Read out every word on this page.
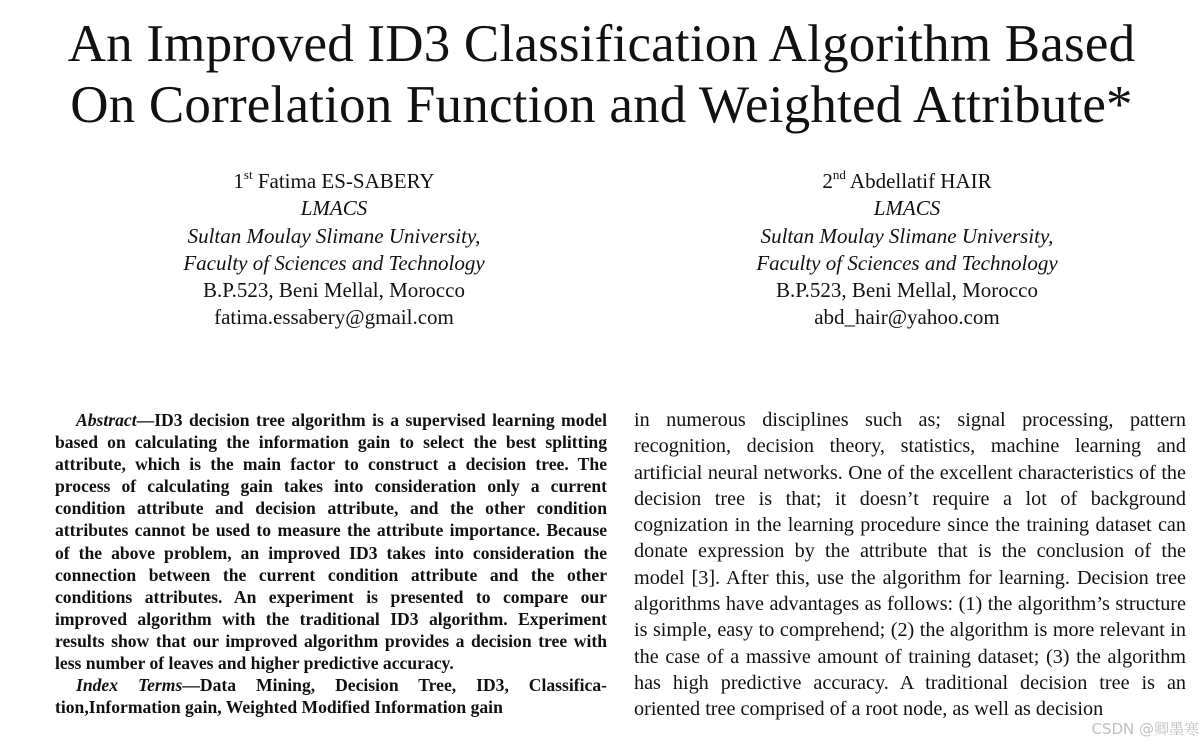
An Improved ID3 Classification Algorithm Based
On Correlation Function and Weighted Attribute*
1st Fatima ES-SABERY
LMACS
Sultan Moulay Slimane University,
Faculty of Sciences and Technology
B.P.523, Beni Mellal, Morocco
fatima.essabery@gmail.com
2nd Abdellatif HAIR
LMACS
Sultan Moulay Slimane University,
Faculty of Sciences and Technology
B.P.523, Beni Mellal, Morocco
abd_hair@yahoo.com

Abstract—ID3 decision tree algorithm is a supervised learning model based on calculating the information gain to select the best splitting attribute, which is the main factor to construct a decision tree. The process of calculating gain takes into consideration only a current condition attribute and decision attribute, and the other condition attributes cannot be used to measure the attribute importance. Because of the above problem, an improved ID3 takes into consideration the connection between the current condition attribute and the other conditions attributes. An experiment is presented to compare our improved algorithm with the traditional ID3 algorithm. Experiment results show that our improved algorithm provides a decision tree with less number of leaves and higher predictive accuracy.

Index Terms—Data Mining, Decision Tree, ID3, Classifica-tion,Information gain, Weighted Modified Information gain

in numerous disciplines such as; signal processing, pattern recognition, decision theory, statistics, machine learning and artificial neural networks. One of the excellent characteristics of the decision tree is that; it doesn’t require a lot of background cognization in the learning procedure since the training dataset can donate expression by the attribute that is the conclusion of the model [3]. After this, use the algorithm for learning. Decision tree algorithms have advantages as follows: (1) the algorithm’s structure is simple, easy to comprehend; (2) the algorithm is more relevant in the case of a massive amount of training dataset; (3) the algorithm has high predictive accuracy. A traditional decision tree is an oriented tree comprised of a root node, as well as decision

CSDN @卿墨寒
